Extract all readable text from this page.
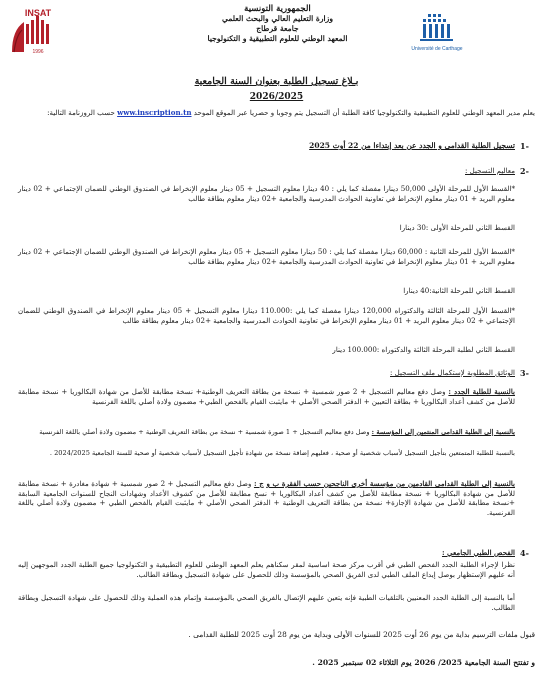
INSAT
1996
الجمهورية التونسية
وزارة التعليم العالي والبحث العلمي
جامعة قرطاج
المعهد الوطني للعلوم التطبيقية و التكنولوجيا
Université de Carthage
بـلاغ تسجيل الطلبة بعنوان السنة الجامعية
2026/2025
يعلم مدير المعهد الوطني للعلوم التطبيقية والتكنولوجيا كافة الطلبة أن التسجيل يتم وجوبا و حصريا عبر الموقع الموحد www.inscription.tn حسب الروزنامة التالية:
1-
تسجيل الطلبة القدامى و الجدد عن بعد إبتداءا من 22 أوت 2025
2-
معاليم التسجيل :
*القسط الأول للمرحلة الأولى 50,000 دينارا مفصلة كما يلي : 40 دينارا معلوم التسجيل + 05 دينار معلوم الإنخراط في الصندوق الوطني للضمان الإجتماعي + 02 دينار معلوم البريد + 01 دينار معلوم الإنخراط في تعاونية الحوادث المدرسية والجامعية +02 دينار معلوم بطاقة طالب
القسط الثاني للمرحلة الأولى :30 دينارا
*القسط الأول للمرحلة الثانية : 60,000 دينارا مفصلة كما يلي : 50 دينارا معلوم التسجيل + 05 دينار معلوم الإنخراط في الصندوق الوطني للضمان الإجتماعي + 02 دينار معلوم البريد + 01 دينار معلوم الإنخراط في تعاونية الحوادث المدرسية والجامعية +02 دينار معلوم بطاقة طالب
القسط الثاني للمرحلة الثانية:40 دينارا
*القسط الأول للمرحلة الثالثة والدكتوراه 120,000 دينارا مفصلة كما يلي :110.000 دينارا معلوم التسجيل + 05 دينار معلوم الإنخراط في الصندوق الوطني للضمان الإجتماعي + 02 دينار معلوم البريد + 01 دينار معلوم الإنخراط في تعاونية الحوادث المدرسية والجامعية +02 دينار معلوم بطاقة طالب
القسط الثاني لطلبة المرحلة الثالثة والدكتوراه :100.000 دينار
3-
الوثائق المطلوبة لإستكمال ملف التسجيل :
بالنسبة للطلبة الجدد : وصل دفع معاليم التسجيل + 2 صور شمسية + نسخة من بطاقة التعريف الوطنية+ نسخة مطابقة للأصل من شهادة البكالوريا + نسخة مطابقة للأصل من كشف أعداد البكالوريا + بطاقة التعيين + الدفتر الصحي الأصلي + مايثبت القيام بالفحص الطبي+ مضمون ولادة أصلي باللغة الفرنسية
بالنسبة إلى الطلبة القدامى المنتمين إلى المؤسسة : وصل دفع معاليم التسجيل + 1 صورة شمسية + نسخة من بطاقة التعريف الوطنية + مضمون ولادة أصلي باللغة الفرنسية
بالنسبة للطلبة المتمتعين بتأجيل التسجيل لأسباب شخصية أو صحية ، فعليهم إضافة نسخة من شهادة تأجيل التسجيل لأسباب شخصية أو صحية للسنة الجامعية 2024/2025 .
بالنسبة إلى الطلبة القدامى القادمين من مؤسسة أخرى الناجحين حسب الفقرة ب و ج : وصل دفع معاليم التسجيل + 2 صور شمسية + شهادة مغادرة + نسخة مطابقة للأصل من شهادة البكالوريا + نسخة مطابقة للأصل من كشف أعداد البكالوريا + نسخ مطابقة للأصل من كشوف الأعداد وشهادات النجاح للسنوات الجامعية السابقة +نسخة مطابقة للأصل من شهادة الإجازة+ نسخة من بطاقة التعريف الوطنية + الدفتر الصحي الأصلي + مايثبت القيام بالفحص الطبي + مضمون ولادة أصلي باللغة الفرنسية.
4-
الفحص الطبي الجامعي :
نظرا لإجراء الطلبة الجدد الفحص الطبي في أقرب مركز صحة اساسية لمقر سكناهم يعلم المعهد الوطني للعلوم التطبيقية و التكنولوجيا جميع الطلبة الجدد الموجهين إليه أنه عليهم الإستظهار بوصل إيداع الملف الطبي لدى الفريق الصحي بالمؤسسة وذلك للحصول على شهادة التسجيل وبطاقة الطالب.
أما بالنسبة إلى الطلبة الجدد المعنيين بالتلقيات الطبية فإنه يتعين عليهم الإتصال بالفريق الصحي بالمؤسسة وإتمام هذه العملية وذلك للحصول على شهادة التسجيل وبطاقة الطالب.
قبول ملفات الترسيم بداية من يوم 26 أوت 2025 للسنوات الأولى وبداية من يوم 28 أوت 2025 للطلبة القدامى .
و تفتتح السنة الجامعية 2025/ 2026 يوم الثلاثاء 02 سبتمبر 2025 .
